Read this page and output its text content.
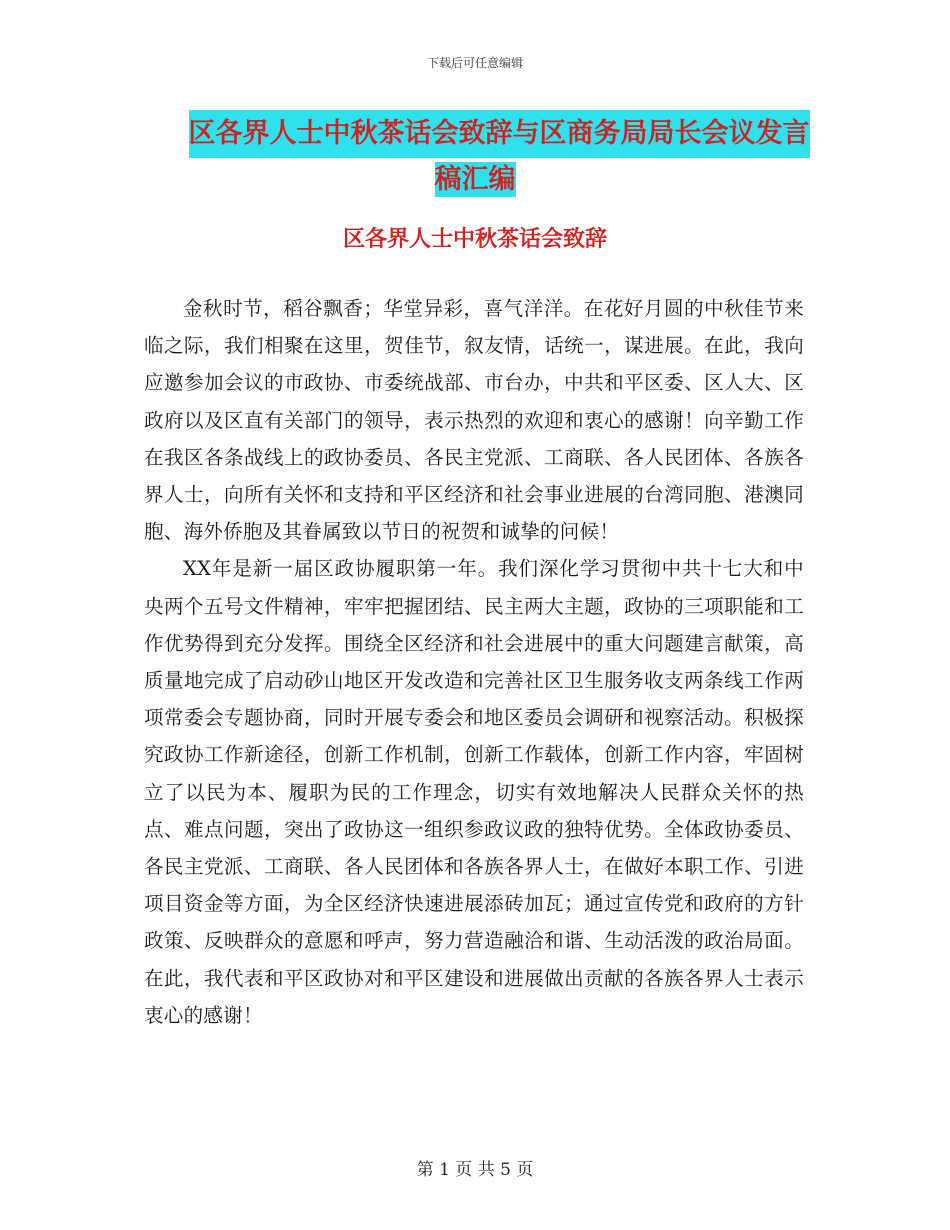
下载后可任意编辑
区各界人士中秋茶话会致辞与区商务局局长会议发言
稿汇编
区各界人士中秋茶话会致辞

金秋时节，稻谷飘香；华堂异彩，喜气洋洋。在花好月圆的中秋佳节来临之际，我们相聚在这里，贺佳节，叙友情，话统一，谋进展。在此，我向应邀参加会议的市政协、市委统战部、市台办，中共和平区委、区人大、区政府以及区直有关部门的领导，表示热烈的欢迎和衷心的感谢！向辛勤工作在我区各条战线上的政协委员、各民主党派、工商联、各人民团体、各族各界人士，向所有关怀和支持和平区经济和社会事业进展的台湾同胞、港澳同胞、海外侨胞及其眷属致以节日的祝贺和诚挚的问候！

XX年是新一届区政协履职第一年。我们深化学习贯彻中共十七大和中央两个五号文件精神，牢牢把握团结、民主两大主题，政协的三项职能和工作优势得到充分发挥。围绕全区经济和社会进展中的重大问题建言献策，高质量地完成了启动砂山地区开发改造和完善社区卫生服务收支两条线工作两项常委会专题协商，同时开展专委会和地区委员会调研和视察活动。积极探究政协工作新途径，创新工作机制，创新工作载体，创新工作内容，牢固树立了以民为本、履职为民的工作理念，切实有效地解决人民群众关怀的热点、难点问题，突出了政协这一组织参政议政的独特优势。全体政协委员、各民主党派、工商联、各人民团体和各族各界人士，在做好本职工作、引进项目资金等方面，为全区经济快速进展添砖加瓦；通过宣传党和政府的方针政策、反映群众的意愿和呼声，努力营造融洽和谐、生动活泼的政治局面。在此，我代表和平区政协对和平区建设和进展做出贡献的各族各界人士表示衷心的感谢！

第 1 页 共 5 页
